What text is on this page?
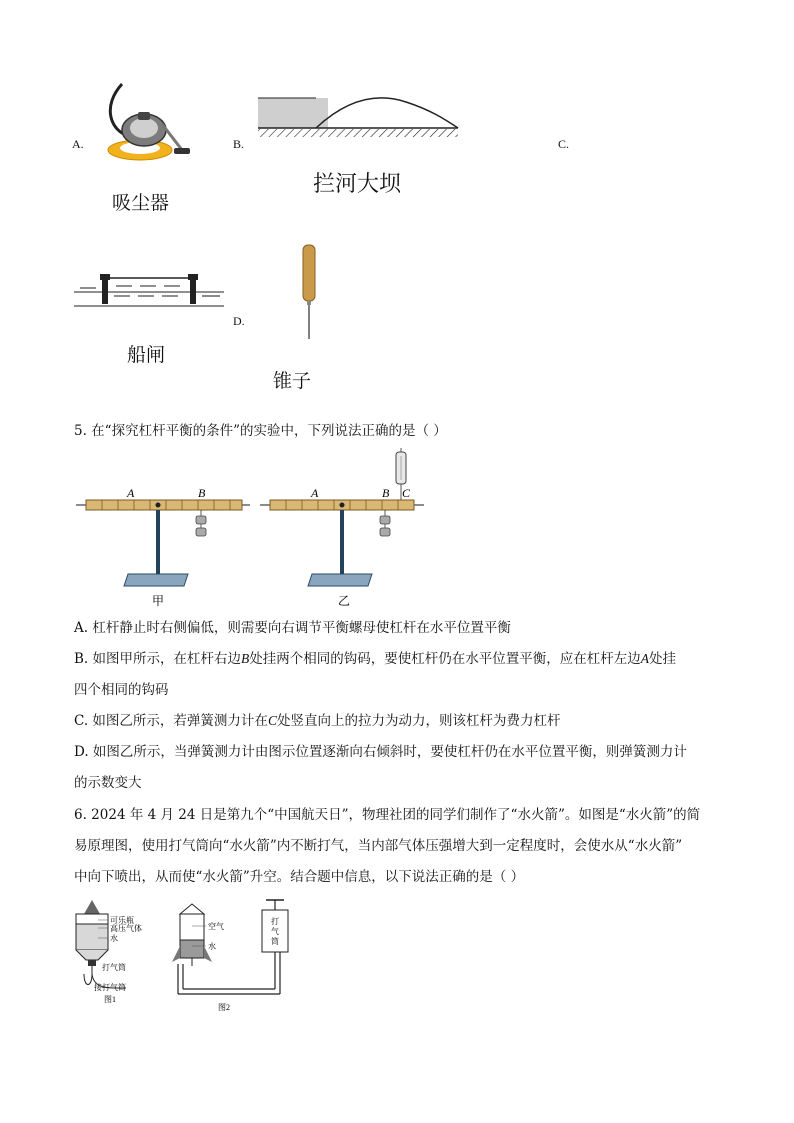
A.
吸尘器
B.
拦河大坝
C.
船闸
D.
锥子
5. 在“探究杠杆平衡的条件”的实验中，下列说法正确的是（ ）
A	B
甲
A	B C
乙
A. 杠杆静止时右侧偏低，则需要向右调节平衡螺母使杠杆在水平位置平衡
B. 如图甲所示，在杠杆右边B处挂两个相同的钩码，要使杠杆仍在水平位置平衡，应在杠杆左边A处挂
四个相同的钩码
C. 如图乙所示，若弹簧测力计在C处竖直向上的拉力为动力，则该杠杆为费力杠杆
D. 如图乙所示，当弹簧测力计由图示位置逐渐向右倾斜时，要使杠杆仍在水平位置平衡，则弹簧测力计
的示数变大
6. 2024 年 4 月 24 日是第九个“中国航天日”，物理社团的同学们制作了“水火箭”。如图是“水火箭”的简
易原理图，使用打气筒向“水火箭”内不断打气，当内部气体压强增大到一定程度时，会使水从“水火箭”
中向下喷出，从而使“水火箭”升空。结合题中信息，以下说法正确的是（ ）
可乐瓶
高压气体
水
打气筒
接打气筒
图1
空气
水
打
气
筒
图2
